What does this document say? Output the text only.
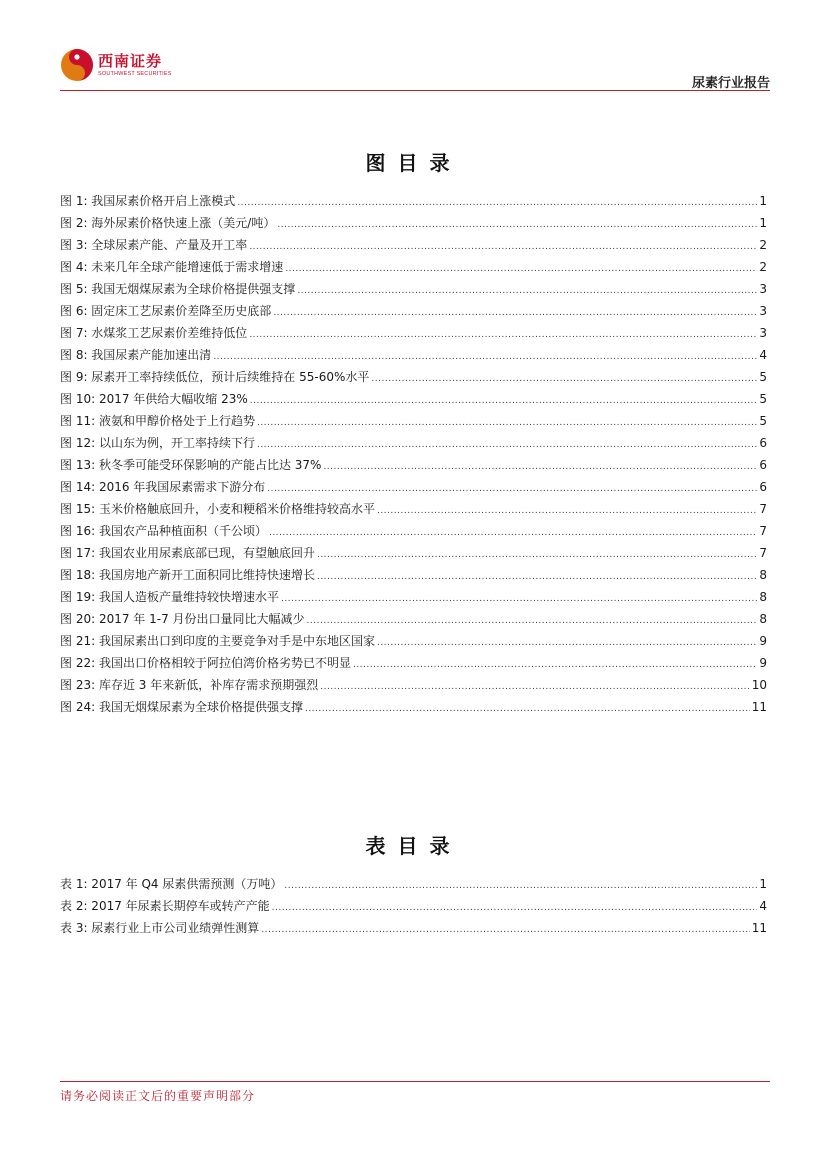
西南证券
SOUTHWEST SECURITIES
尿素行业报告
图目录
图 1: 我国尿素价格开启上涨模式 .....	1
图 2: 海外尿素价格快速上涨（美元/吨） .....	1
图 3: 全球尿素产能、产量及开工率 .....	2
图 4: 未来几年全球产能增速低于需求增速 .....	2
图 5: 我国无烟煤尿素为全球价格提供强支撑 .....	3
图 6: 固定床工艺尿素价差降至历史底部 .....	3
图 7: 水煤浆工艺尿素价差维持低位 .....	3
图 8: 我国尿素产能加速出清 .....	4
图 9: 尿素开工率持续低位，预计后续维持在 55-60%水平 .....	5
图 10: 2017 年供给大幅收缩 23% .....	5
图 11: 液氨和甲醇价格处于上行趋势 .....	5
图 12: 以山东为例，开工率持续下行 .....	6
图 13: 秋冬季可能受环保影响的产能占比达 37% .....	6
图 14: 2016 年我国尿素需求下游分布 .....	6
图 15: 玉米价格触底回升，小麦和粳稻米价格维持较高水平 .....	7
图 16: 我国农产品种植面积（千公顷） .....	7
图 17: 我国农业用尿素底部已现，有望触底回升 .....	7
图 18: 我国房地产新开工面积同比维持快速增长 .....	8
图 19: 我国人造板产量维持较快增速水平 .....	8
图 20: 2017 年 1-7 月份出口量同比大幅减少 .....	8
图 21: 我国尿素出口到印度的主要竞争对手是中东地区国家 .....	9
图 22: 我国出口价格相较于阿拉伯湾价格劣势已不明显 .....	9
图 23: 库存近 3 年来新低，补库存需求预期强烈 .....	10
图 24: 我国无烟煤尿素为全球价格提供强支撑 .....	11
表目录
表 1: 2017 年 Q4 尿素供需预测（万吨） .....	1
表 2: 2017 年尿素长期停车或转产产能 .....	4
表 3: 尿素行业上市公司业绩弹性测算 .....	11
请务必阅读正文后的重要声明部分
